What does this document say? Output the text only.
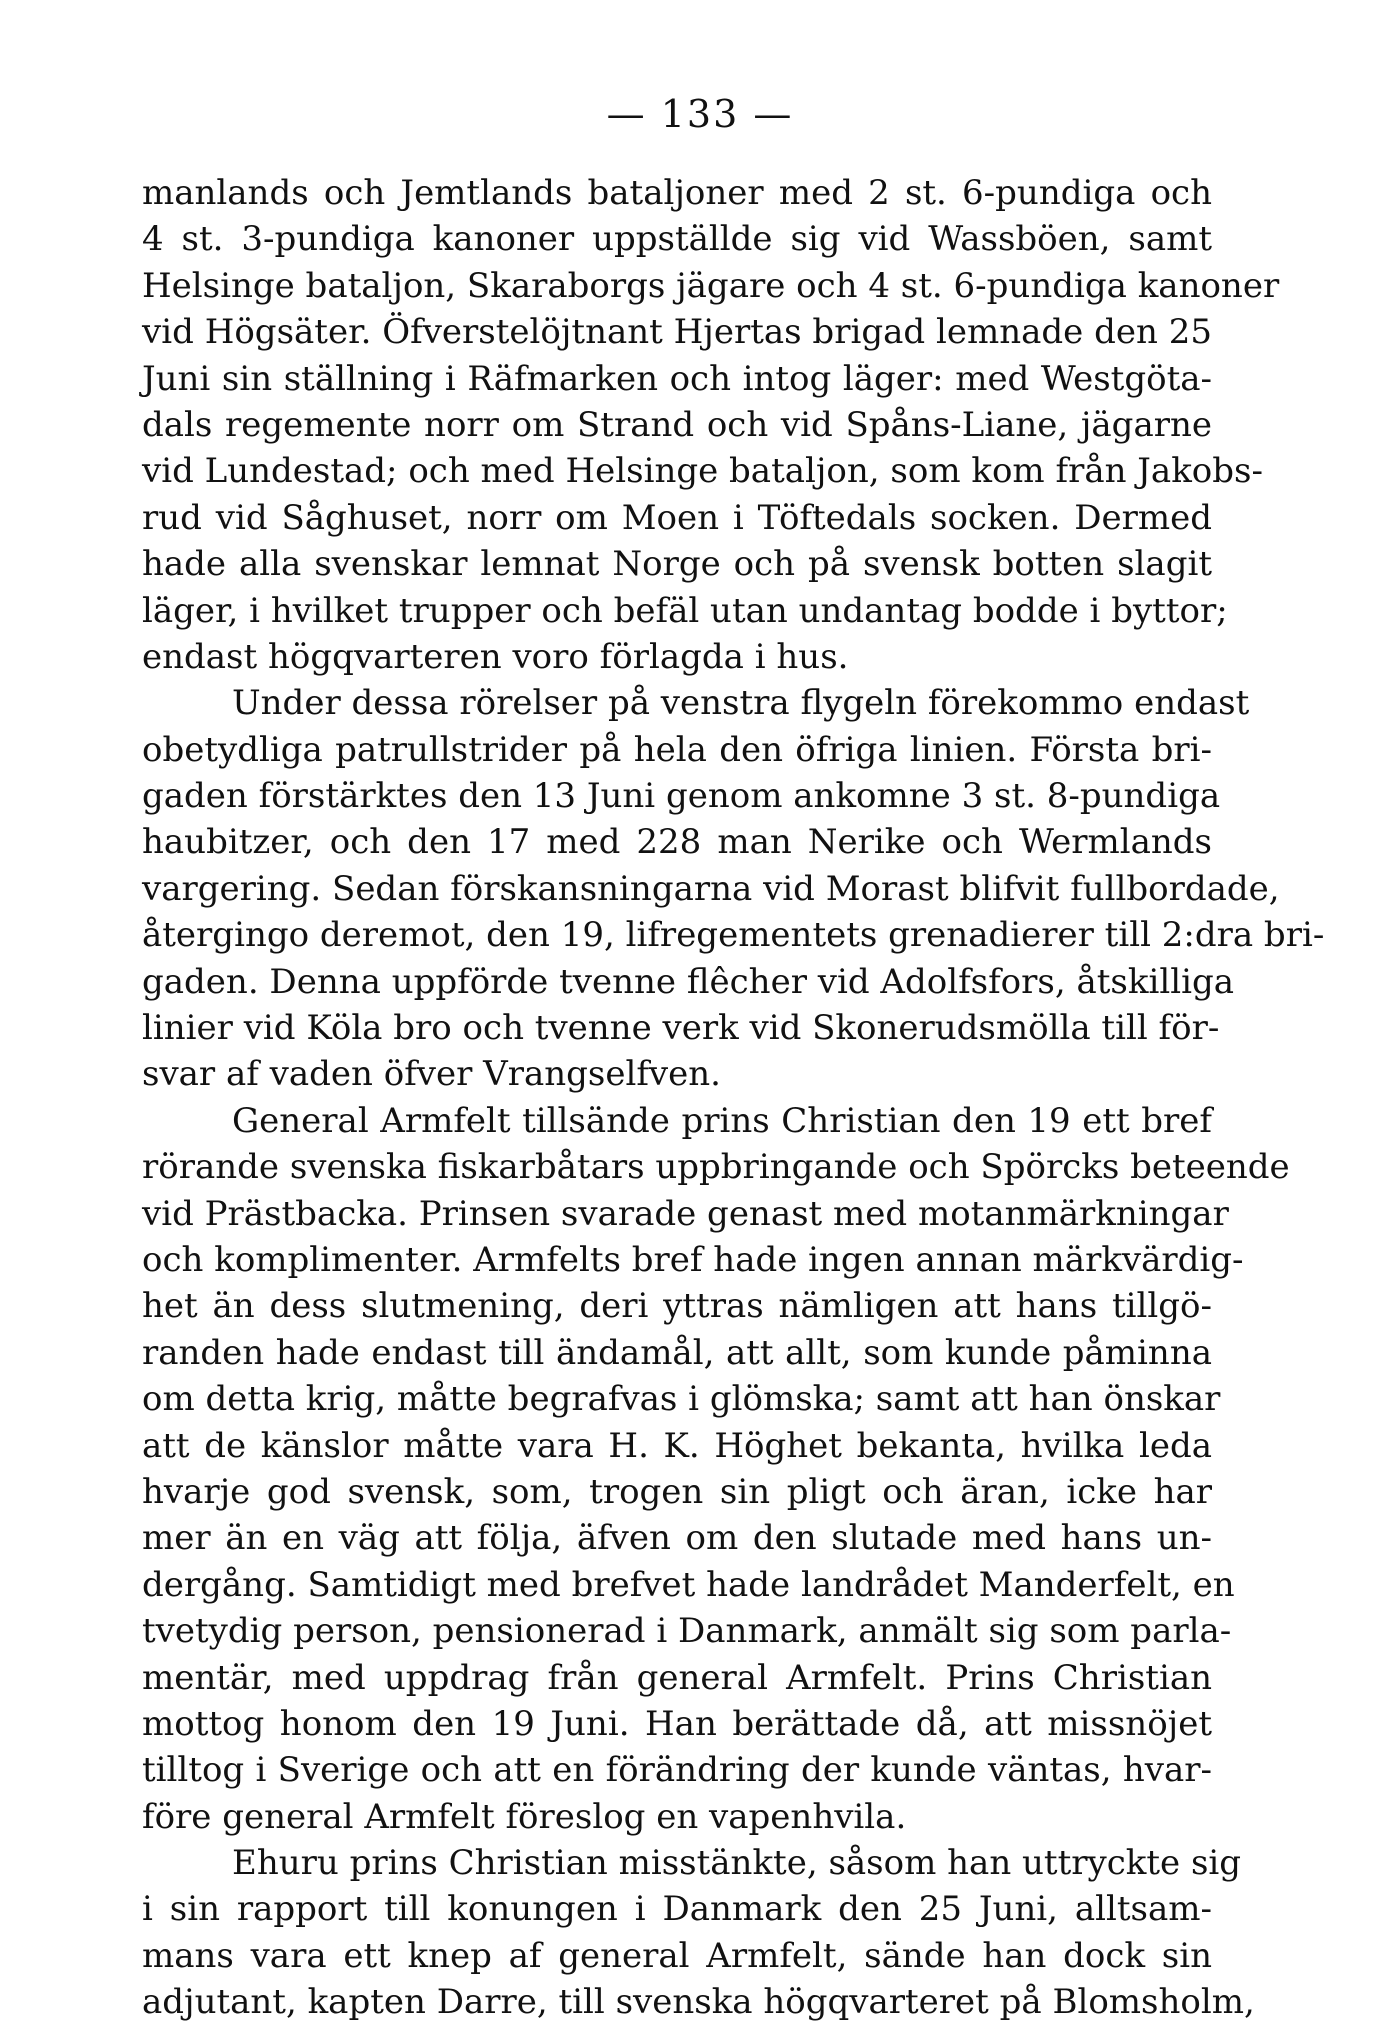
— 133 —
manlands och Jemtlands bataljoner med 2 st. 6-pundiga och
4 st. 3-pundiga kanoner uppställde sig vid Wassböen, samt
Helsinge bataljon, Skaraborgs jägare och 4 st. 6-pundiga kanoner
vid Högsäter. Öfverstelöjtnant Hjertas brigad lemnade den 25
Juni sin ställning i Räfmarken och intog läger: med Westgöta-
dals regemente norr om Strand och vid Spåns-Liane, jägarne
vid Lundestad; och med Helsinge bataljon, som kom från Jakobs-
rud vid Såghuset, norr om Moen i Töftedals socken. Dermed
hade alla svenskar lemnat Norge och på svensk botten slagit
läger, i hvilket trupper och befäl utan undantag bodde i byttor;
endast högqvarteren voro förlagda i hus.
Under dessa rörelser på venstra flygeln förekommo endast
obetydliga patrullstrider på hela den öfriga linien. Första bri-
gaden förstärktes den 13 Juni genom ankomne 3 st. 8-pundiga
haubitzer, och den 17 med 228 man Nerike och Wermlands
vargering. Sedan förskansningarna vid Morast blifvit fullbordade,
återgingo deremot, den 19, lifregementets grenadierer till 2:dra bri-
gaden. Denna uppförde tvenne flêcher vid Adolfsfors, åtskilliga
linier vid Köla bro och tvenne verk vid Skonerudsmölla till för-
svar af vaden öfver Vrangselfven.
General Armfelt tillsände prins Christian den 19 ett bref
rörande svenska fiskarbåtars uppbringande och Spörcks beteende
vid Prästbacka. Prinsen svarade genast med motanmärkningar
och komplimenter. Armfelts bref hade ingen annan märkvärdig-
het än dess slutmening, deri yttras nämligen att hans tillgö-
randen hade endast till ändamål, att allt, som kunde påminna
om detta krig, måtte begrafvas i glömska; samt att han önskar
att de känslor måtte vara H. K. Höghet bekanta, hvilka leda
hvarje god svensk, som, trogen sin pligt och äran, icke har
mer än en väg att följa, äfven om den slutade med hans un-
dergång. Samtidigt med brefvet hade landrådet Manderfelt, en
tvetydig person, pensionerad i Danmark, anmält sig som parla-
mentär, med uppdrag från general Armfelt. Prins Christian
mottog honom den 19 Juni. Han berättade då, att missnöjet
tilltog i Sverige och att en förändring der kunde väntas, hvar-
före general Armfelt föreslog en vapenhvila.
Ehuru prins Christian misstänkte, såsom han uttryckte sig
i sin rapport till konungen i Danmark den 25 Juni, alltsam-
mans vara ett knep af general Armfelt, sände han dock sin
adjutant, kapten Darre, till svenska högqvarteret på Blomsholm,
